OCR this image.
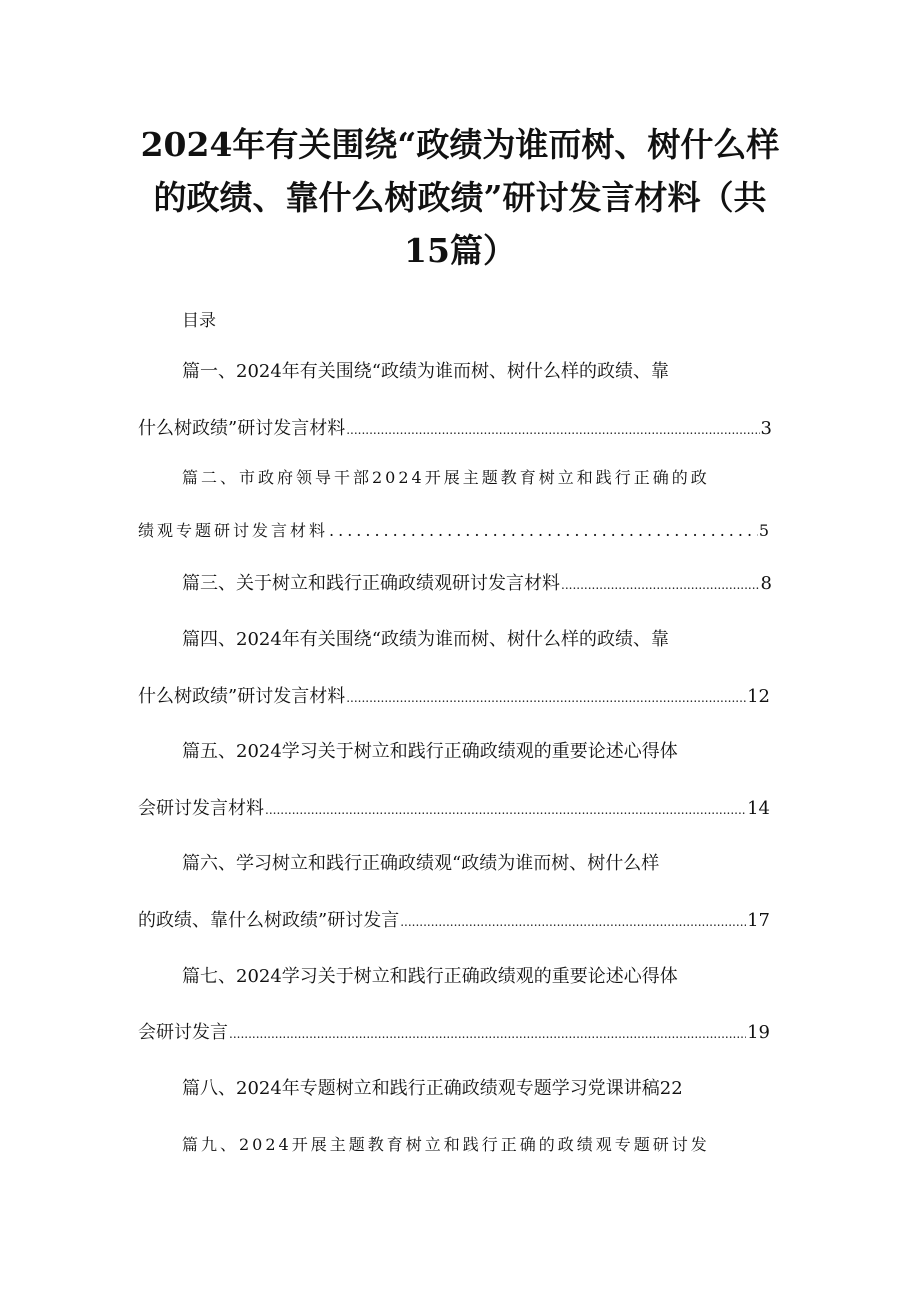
2024年有关围绕“政绩为谁而树、树什么样
的政绩、靠什么树政绩”研讨发言材料（共
15篇）
目录
篇一、2024年有关围绕“政绩为谁而树、树什么样的政绩、靠
什么树政绩”研讨发言材料 .....	3
篇二、市政府领导干部2024开展主题教育树立和践行正确的政
绩观专题研讨发言材料 .....	5
篇三、关于树立和践行正确政绩观研讨发言材料 .....	8
篇四、2024年有关围绕“政绩为谁而树、树什么样的政绩、靠
什么树政绩”研讨发言材料 .....	12
篇五、2024学习关于树立和践行正确政绩观的重要论述心得体
会研讨发言材料 .....	14
篇六、学习树立和践行正确政绩观“政绩为谁而树、树什么样
的政绩、靠什么树政绩”研讨发言 .....	17
篇七、2024学习关于树立和践行正确政绩观的重要论述心得体
会研讨发言 .....	19
篇八、2024年专题树立和践行正确政绩观专题学习党课讲稿22
篇九、2024开展主题教育树立和践行正确的政绩观专题研讨发
